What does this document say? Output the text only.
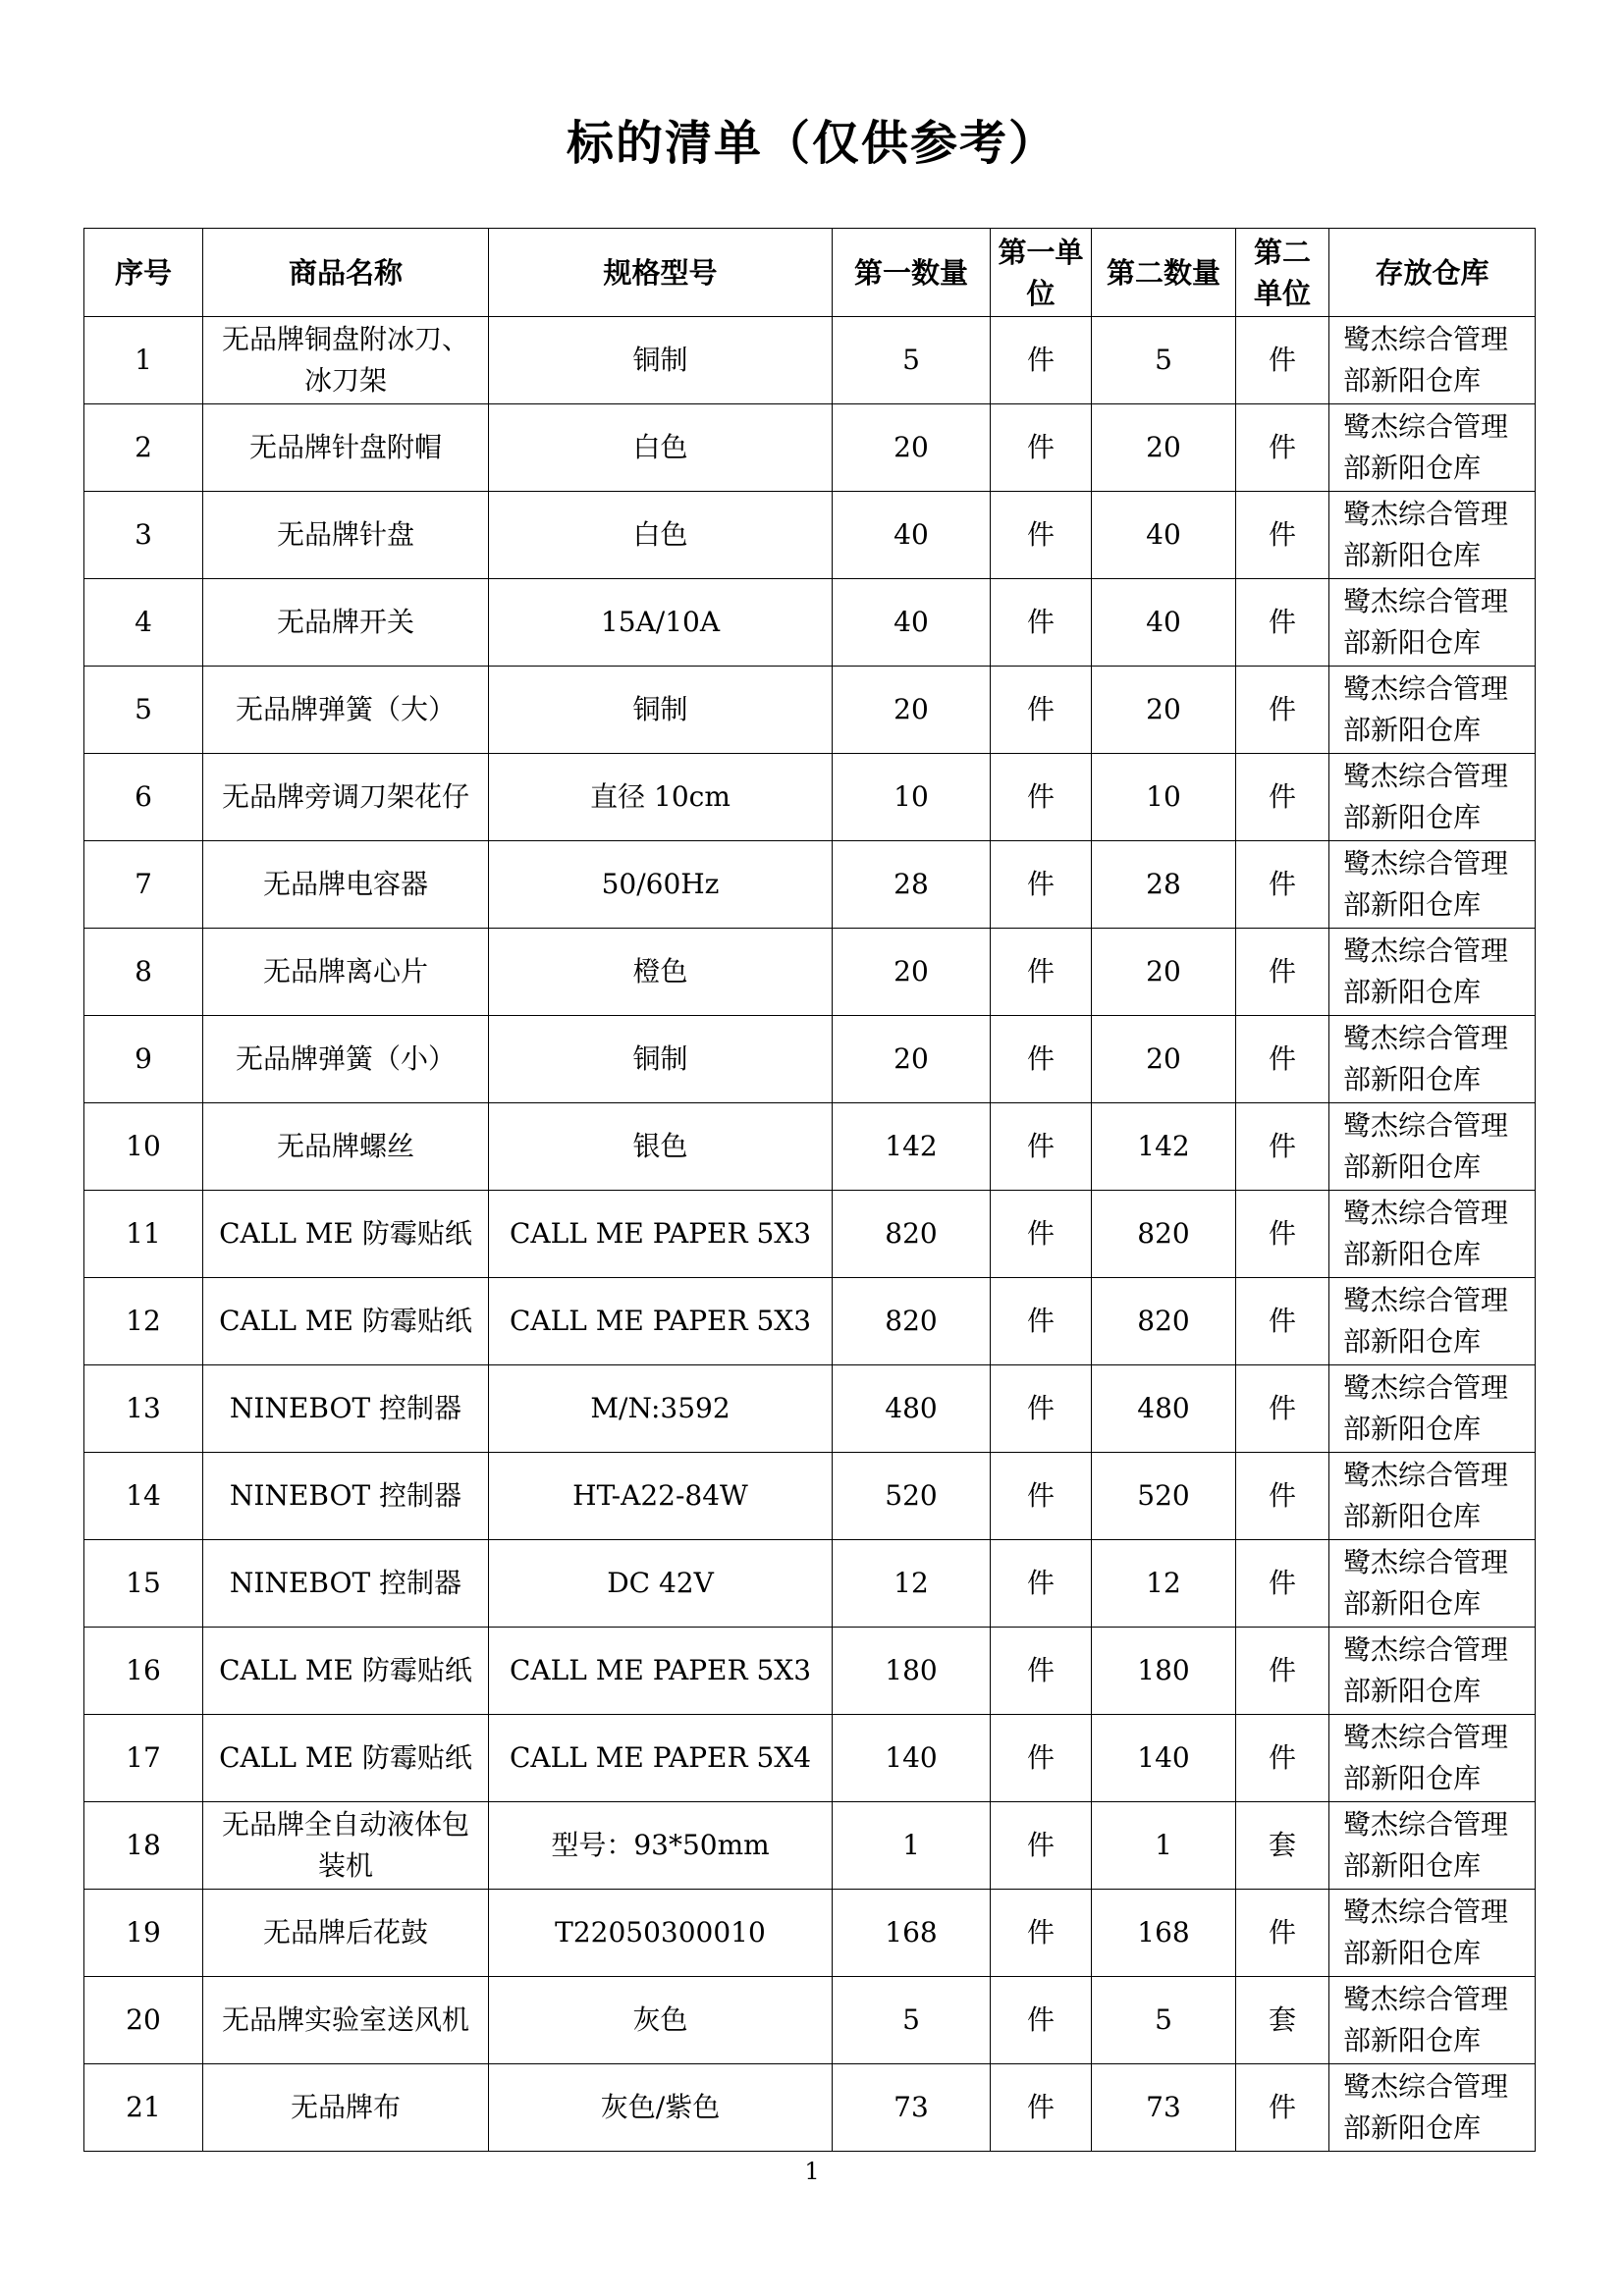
标的清单（仅供参考）
序号	商品名称	规格型号	第一数量	第一单位	第二数量	第二单位	存放仓库
1	无品牌铜盘附冰刀、冰刀架	铜制	5	件	5	件	鹭杰综合管理部新阳仓库
2	无品牌针盘附帽	白色	20	件	20	件	鹭杰综合管理部新阳仓库
3	无品牌针盘	白色	40	件	40	件	鹭杰综合管理部新阳仓库
4	无品牌开关	15A/10A	40	件	40	件	鹭杰综合管理部新阳仓库
5	无品牌弹簧（大）	铜制	20	件	20	件	鹭杰综合管理部新阳仓库
6	无品牌旁调刀架花仔	直径 10cm	10	件	10	件	鹭杰综合管理部新阳仓库
7	无品牌电容器	50/60Hz	28	件	28	件	鹭杰综合管理部新阳仓库
8	无品牌离心片	橙色	20	件	20	件	鹭杰综合管理部新阳仓库
9	无品牌弹簧（小）	铜制	20	件	20	件	鹭杰综合管理部新阳仓库
10	无品牌螺丝	银色	142	件	142	件	鹭杰综合管理部新阳仓库
11	CALL ME 防霉贴纸	CALL ME PAPER 5X3	820	件	820	件	鹭杰综合管理部新阳仓库
12	CALL ME 防霉贴纸	CALL ME PAPER 5X3	820	件	820	件	鹭杰综合管理部新阳仓库
13	NINEBOT 控制器	M/N:3592	480	件	480	件	鹭杰综合管理部新阳仓库
14	NINEBOT 控制器	HT-A22-84W	520	件	520	件	鹭杰综合管理部新阳仓库
15	NINEBOT 控制器	DC 42V	12	件	12	件	鹭杰综合管理部新阳仓库
16	CALL ME 防霉贴纸	CALL ME PAPER 5X3	180	件	180	件	鹭杰综合管理部新阳仓库
17	CALL ME 防霉贴纸	CALL ME PAPER 5X4	140	件	140	件	鹭杰综合管理部新阳仓库
18	无品牌全自动液体包装机	型号：93*50mm	1	件	1	套	鹭杰综合管理部新阳仓库
19	无品牌后花鼓	T22050300010	168	件	168	件	鹭杰综合管理部新阳仓库
20	无品牌实验室送风机	灰色	5	件	5	套	鹭杰综合管理部新阳仓库
21	无品牌布	灰色/紫色	73	件	73	件	鹭杰综合管理部新阳仓库
1
